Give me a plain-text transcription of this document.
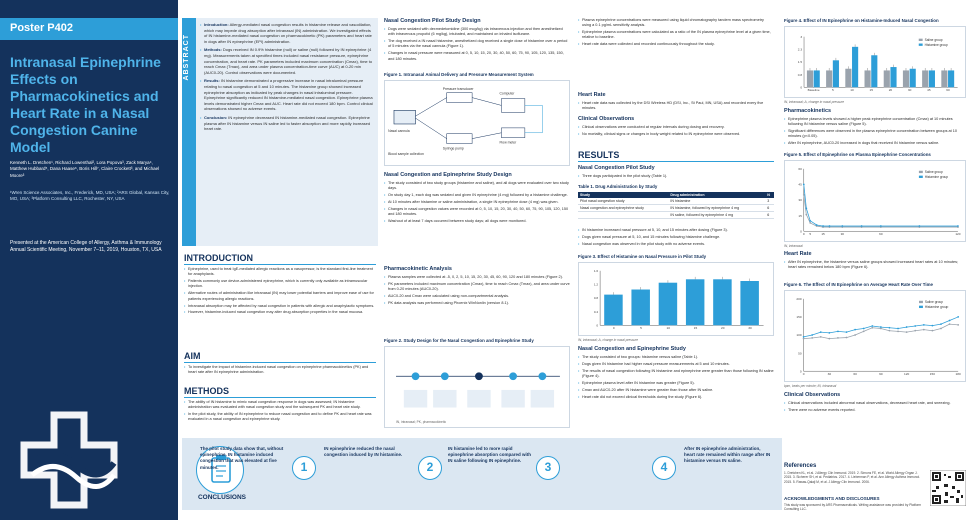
Poster P402
Intranasal Epinephrine Effects on Pharmacokinetics and Heart Rate in a Nasal Congestion Canine Model
Kenneth L. Dretchen¹, Richard Lowenthal², Lora Popova³, Zack Marya⁴, Matthew Hubbard⁵, Dana Haase⁶, Boris Hill⁷, Claire Crockett³, and Michael Moore³
¹Wren Science Associates, Inc., Frederick, MD, USA; ²ARS Global, Kansas City, MO, USA; ³Platform Consulting LLC, Rochester, NY, USA
Presented at the American College of Allergy, Asthma & Immunology Annual Scientific Meeting, November 7–11, 2019, Houston, TX, USA
ABSTRACT
• Introduction: Allergy-mediated nasal congestion results in histamine release and vasodilation, which may impede drug absorption after intranasal (IN) administration. We investigated effects of IN histamine-mediated nasal congestion on pharmacokinetic (PK) parameters and heart rate in dogs after IN epinephrine (EPI) administration.
• Methods: Dogs received IN 0.9% histamine (null) or saline (null) followed by IN epinephrine (4 mg). Measurements taken at specified times included nasal resistance pressure, epinephrine concentration, and heart rate. PK parameters included maximum concentration (Cmax), time to reach Cmax (Tmax), and area under plasma concentration-time curve (AUC) at 0-20 min (AUC0-20). Control observations were documented.
• Results: IN histamine demonstrated a progressive increase in nasal intraluminal pressure relating to nasal congestion at 5 and 10 minutes. The histamine group showed increased epinephrine absorption as indicated by peak changes in nasal intraluminal pressure. Epinephrine significantly reduced IN histamine-mediated nasal congestion. Epinephrine plasma levels demonstrated higher Cmax and AUC. Heart rate did not exceed 180 bpm. Control clinical observations showed no adverse events.
• Conclusion: IN epinephrine decreased IN histamine-mediated nasal congestion. Epinephrine plasma after IN histamine versus IN saline led to faster absorption and more rapidly increased heart rate.
INTRODUCTION
• Epinephrine, used to treat IgE-mediated allergic reactions as a vasopressor, is the standard first-line treatment for anaphylaxis.
• Patients commonly use device-administered epinephrine, which is currently only available as intramuscular injection.
• Alternative routes of administration like intranasal (IN) may lower potential barriers and improve ease of use for patients experiencing allergic reactions.
• Intranasal absorption may be affected by nasal congestion in patients with allergic and anaphylactic symptoms.
• However, histamine-induced nasal congestion may alter drug absorption properties in the nasal mucosa.
AIM
• To investigate the impact of histamine-induced nasal congestion on epinephrine pharmacokinetics (PK) and heart rate after IN epinephrine administration.
METHODS
• The ability of IN histamine to mimic nasal congestion response in dogs was assessed; IN histamine administration was evaluated with nasal congestion study and the subsequent PK and heart rate study.
• In the pilot study, the ability of IN epinephrine to reduce nasal congestion and to define PK and heart rate was evaluated in a nasal congestion and epinephrine study.
Nasal Congestion Pilot Study Design
• Dogs were sedated with dexmedetomidine (300 mcg/kg) via intravenous injection and then anesthetized with intravenous propofol (6 mg/kg), intubated, and maintained on inhaled isoflurane.
• The dog received a IN nasal histamine, anesthetized dog received a single dose of histamine over a period of 5 minutes via the nasal cannula (Figure 1).
• Changes in nasal pressure were measured at 0, 5, 10, 15, 20, 30, 40, 50, 60, 75, 90, 105, 120, 135, 150, and 180 minutes.
Figure 1. Intranasal Animal Delivery and Pressure Measurement System
Nasal cannula
Pressure transducer
Syringe pump
Blood sample collection
Computer
Flow meter
Nasal Congestion and Epinephrine Study Design
• The study consisted of two study groups (histamine and saline), and all dogs were evaluated over two study days.
• On study day 1, each dog was sedated and given IN epinephrine (4 mg) followed by a histamine challenge.
• At 10 minutes after histamine or saline administration, a single IN epinephrine dose (4 mg) was given.
• Changes in nasal congestion values were recorded at 0, 5, 10, 15, 20, 30, 40, 50, 60, 75, 90, 105, 120, 150 and 180 minutes.
• Washout of at least 7 days occurred between study days; all dogs were monitored.
Pharmacokinetic Analysis
• Plasma samples were collected at -5, 0, 2, 5, 10, 15, 20, 30, 45, 60, 90, 120 and 180 minutes (Figure 2).
• PK parameters included maximum concentration (Cmax), time to reach Cmax (Tmax), and area under curve from 0-20 minutes (AUC0-20).
• AUC0-20 and Cmax were calculated using non-compartmental analysis.
• PK data analysis was performed using Phoenix WinNonlin (version 8.1).
Figure 2. Study Design for the Nasal Congestion and Epinephrine Study
IN, intranasal; PK, pharmacokinetic
• Plasma epinephrine concentrations were measured using liquid chromatography tandem mass spectrometry using a 0.1 pg/mL sensitivity analysis.
• Epinephrine plasma concentrations were calculated as a ratio of the IN plasma epinephrine level at a given time, relative to baseline.
• Heart rate data were collected and recorded continuously throughout the study.
Heart Rate
• Heart rate data was collected by the DSI Wireless HD (DSI, Inc., St Paul, MN, USA) and recorded every five minutes.
Clinical Observations
• Clinical observations were conducted at regular intervals during dosing and recovery.
• No mortality, clinical signs or changes in body weight related to IN epinephrine were observed.
RESULTS
Nasal Congestion Pilot Study
• Three dogs participated in the pilot study (Table 1).
Table 1. Drug Administration by Study
Study	Drug administration	N
Pilot nasal congestion study	IN histamine	3
Nasal congestion and epinephrine study	IN histamine, followed by epinephrine 4 mg	6
	IN saline, followed by epinephrine 4 mg	6
• IN histamine increased nasal pressure at 5, 10, and 15 minutes after dosing (Figure 3).
• Dogs given nasal pressure at 5, 10, and 15 minutes following histamine challenge.
• Nasal congestion was observed in the pilot study with no adverse events.
Figure 3. Effect of Histamine on Nasal Pressure in Pilot Study
0
0.4
0.8
1.2
1.6
0	5	10	15	20	30
IN, intranasal; Δ, change in nasal pressure
Nasal Congestion and Epinephrine Study
• The study consisted of two groups: histamine versus saline (Table 1).
• Dogs given IN histamine had higher nasal pressure measurements at 5 and 10 minutes.
• The results of nasal congestion following IN histamine and epinephrine were greater than those following IN saline (Figure 4).
• Epinephrine plasma level after IN histamine was greater (Figure 5).
• Cmax and AUC0-20 after IN histamine were greater than those after IN saline.
• Heart rate did not exceed clinical thresholds during the study (Figure 6).
Figure 4. Effect of IN Epinephrine on Histamine-Induced Nasal Congestion
0
0.8
1.5
2.3
3
Baseline	5	10	15	20	30	45	60
Saline group
Histamine group
IN, intranasal; Δ, change in nasal pressure
Pharmacokinetics
• Epinephrine plasma levels showed a higher peak epinephrine concentration (Cmax) at 10 minutes following IN histamine versus saline (Figure 5).
• Significant differences were observed in the plasma epinephrine concentration between groups at 10 minutes (p<0.05).
• After IN epinephrine, AUC0-20 increased in dogs that received IN histamine versus saline.
Figure 5. Effect of Epinephrine on Plasma Epinephrine Concentrations
0
15
30
45
60
0 5	15	30	60	120
Saline group
Histamine group
IN, intranasal
Heart Rate
• After IN epinephrine, the histamine versus saline groups showed increased heart rates at 10 minutes; heart rates remained below 180 bpm (Figure 6).
Figure 6. The Effect of IN Epinephrine on Average Heart Rate Over Time
0
50
100
150
200
0	30	60	90	120	150	180
Saline group
Histamine group
bpm, beats per minute; IN, intranasal
Clinical Observations
• Clinical observations included abnormal nasal observations, decreased heart rate, and sneezing.
• There were no adverse events reported.
CONCLUSIONS
1
The pilot study data show that, without epinephrine, IN histamine induced congestion that was elevated at five minutes.	2
IN epinephrine reduced the nasal congestion induced by IN histamine.
3
IN histamine led to more rapid epinephrine absorption compared with IN saline following IN epinephrine.	4
After IN epinephrine administration, heart rate remained within range after IN histamine versus IN saline.
References
1. Dretchen KL, et al. J Allergy Clin Immunol. 2019. 2. Simons FE, et al. World Allergy Organ J. 2015. 3. Sicherer SH, et al. Pediatrics. 2017. 4. Lieberman P, et al. Ann Allergy Asthma Immunol. 2015. 5. Rawas-Qalaji M, et al. J Allergy Clin Immunol. 2006.
ACKNOWLEDGMENTS AND DISCLOSURES
This study was sponsored by ARS Pharmaceuticals. Writing assistance was provided by Platform Consulting LLC.
